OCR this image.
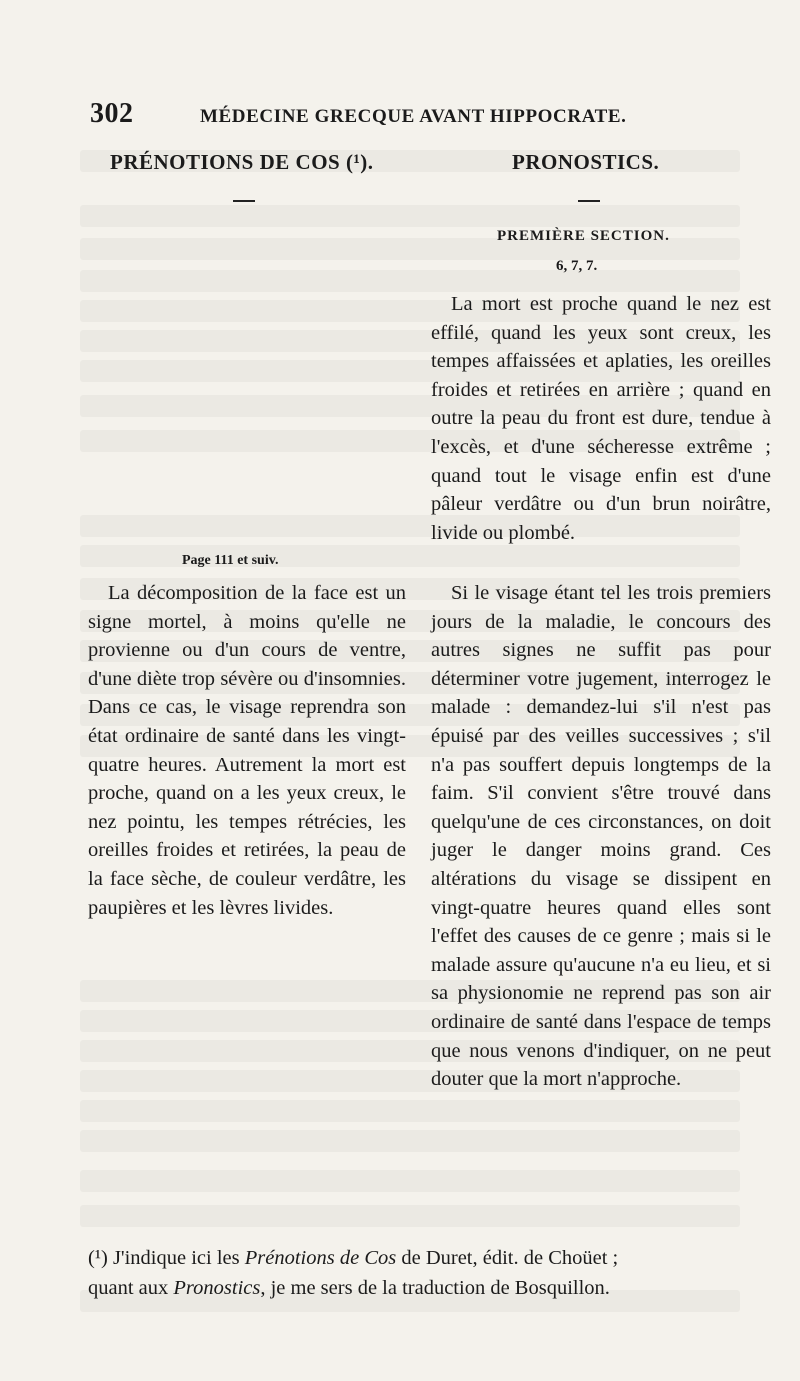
302	MÉDECINE GRECQUE AVANT HIPPOCRATE.
PRÉNOTIONS DE COS (¹).	PRONOSTICS.
PREMIÈRE SECTION.
6, 7, 7.
La mort est proche quand le nez est effilé, quand les yeux sont creux, les tempes affaissées et aplaties, les oreilles froides et retirées en arrière ; quand en outre la peau du front est dure, tendue à l'excès, et d'une sécheresse extrême ; quand tout le visage enfin est d'une pâleur verdâtre ou d'un brun noirâtre, livide ou plombé.
Page 111 et suiv.
La décomposition de la face est un signe mortel, à moins qu'elle ne provienne ou d'un cours de ventre, d'une diète trop sévère ou d'insomnies. Dans ce cas, le visage reprendra son état ordinaire de santé dans les vingt-quatre heures. Autrement la mort est proche, quand on a les yeux creux, le nez pointu, les tempes rétrécies, les oreilles froides et retirées, la peau de la face sèche, de couleur verdâtre, les paupières et les lèvres livides.
Si le visage étant tel les trois premiers jours de la maladie, le concours des autres signes ne suffit pas pour déterminer votre jugement, interrogez le malade : demandez-lui s'il n'est pas épuisé par des veilles successives ; s'il n'a pas souffert depuis longtemps de la faim. S'il convient s'être trouvé dans quelqu'une de ces circonstances, on doit juger le danger moins grand. Ces altérations du visage se dissipent en vingt-quatre heures quand elles sont l'effet des causes de ce genre ; mais si le malade assure qu'aucune n'a eu lieu, et si sa physionomie ne reprend pas son air ordinaire de santé dans l'espace de temps que nous venons d'indiquer, on ne peut douter que la mort n'approche.
(¹) J'indique ici les Prénotions de Cos de Duret, édit. de Choüet ;
quant aux Pronostics, je me sers de la traduction de Bosquillon.
